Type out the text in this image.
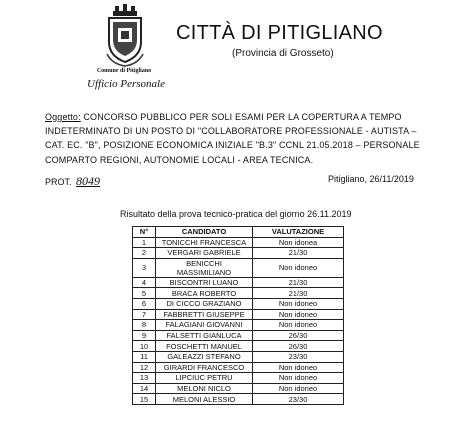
Comune di Pitigliano
Ufficio Personale
CITTÀ DI PITIGLIANO
(Provincia di Grosseto)
Oggetto: CONCORSO PUBBLICO PER SOLI ESAMI PER LA COPERTURA A TEMPO INDETERMINATO DI UN POSTO DI "COLLABORATORE PROFESSIONALE - AUTISTA – CAT. EC. "B", POSIZIONE ECONOMICA INIZIALE "B.3" CCNL 21.05.2018 – PERSONALE COMPARTO REGIONI, AUTONOMIE LOCALI - AREA TECNICA.
PROT. 8049	Pitigliano, 26/11/2019
Risultato della prova tecnico-pratica del giorno 26.11.2019
N°	CANDIDATO	VALUTAZIONE
1	TONICCHI FRANCESCA	Non idonea
2	VERGARI GABRIELE	21/30
3	BENICCHI MASSIMILIANO	Non idoneo
4	BISCONTRI LUANO	21/30
5	BRACA ROBERTO	21/30
6	DI CICCO GRAZIANO	Non idoneo
7	FABBRETTI GIUSEPPE	Non idoneo
8	FALAGIANI GIOVANNI	Non idoneo
9	FALSETTI GIANLUCA	26/30
10	FOSCHETTI MANUEL	26/30
11	GALEAZZI STEFANO	23/30
12	GIRARDI FRANCESCO	Non idoneo
13	LIPCIUC PETRU	Non idoneo
14	MELONI NICLO	Non idoneo
15	MELONI ALESSIO	23/30
